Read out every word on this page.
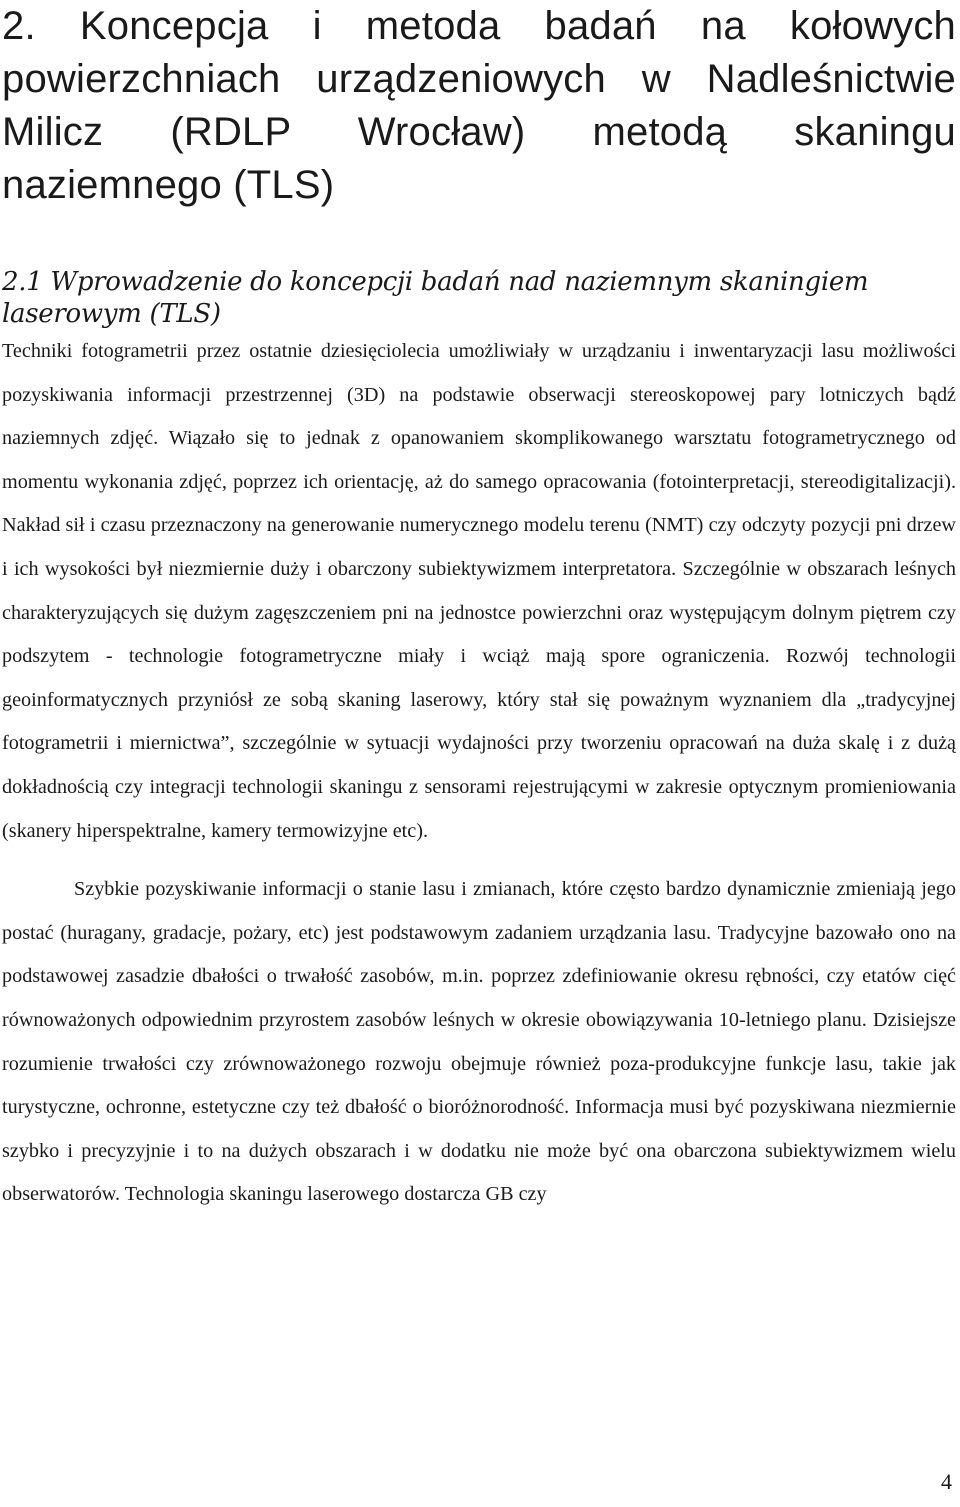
2. Koncepcja i metoda badań na kołowych powierzchniach urządzeniowych w Nadleśnictwie Milicz (RDLP Wrocław) metodą skaningu naziemnego (TLS)
2.1 Wprowadzenie do koncepcji badań nad naziemnym skaningiem laserowym (TLS)

Techniki fotogrametrii przez ostatnie dziesięciolecia umożliwiały w urządzaniu i inwentaryzacji lasu możliwości pozyskiwania informacji przestrzennej (3D) na podstawie obserwacji stereoskopowej pary lotniczych bądź naziemnych zdjęć. Wiązało się to jednak z opanowaniem skomplikowanego warsztatu fotogrametrycznego od momentu wykonania zdjęć, poprzez ich orientację, aż do samego opracowania (fotointerpretacji, stereodigitalizacji). Nakład sił i czasu przeznaczony na generowanie numerycznego modelu terenu (NMT) czy odczyty pozycji pni drzew i ich wysokości był niezmiernie duży i obarczony subiektywizmem interpretatora. Szczególnie w obszarach leśnych charakteryzujących się dużym zagęszczeniem pni na jednostce powierzchni oraz występującym dolnym piętrem czy podszytem - technologie fotogrametryczne miały i wciąż mają spore ograniczenia. Rozwój technologii geoinformatycznych przyniósł ze sobą skaning laserowy, który stał się poważnym wyznaniem dla „tradycyjnej fotogrametrii i miernictwa”, szczególnie w sytuacji wydajności przy tworzeniu opracowań na duża skalę i z dużą dokładnością czy integracji technologii skaningu z sensorami rejestrującymi w zakresie optycznym promieniowania (skanery hiperspektralne, kamery termowizyjne etc).

Szybkie pozyskiwanie informacji o stanie lasu i zmianach, które często bardzo dynamicznie zmieniają jego postać (huragany, gradacje, pożary, etc) jest podstawowym zadaniem urządzania lasu. Tradycyjne bazowało ono na podstawowej zasadzie dbałości o trwałość zasobów, m.in. poprzez zdefiniowanie okresu rębności, czy etatów cięć równoważonych odpowiednim przyrostem zasobów leśnych w okresie obowiązywania 10-letniego planu. Dzisiejsze rozumienie trwałości czy zrównoważonego rozwoju obejmuje również poza-produkcyjne funkcje lasu, takie jak turystyczne, ochronne, estetyczne czy też dbałość o bioróżnorodność. Informacja musi być pozyskiwana niezmiernie szybko i precyzyjnie i to na dużych obszarach i w dodatku nie może być ona obarczona subiektywizmem wielu obserwatorów. Technologia skaningu laserowego dostarcza GB czy

4
